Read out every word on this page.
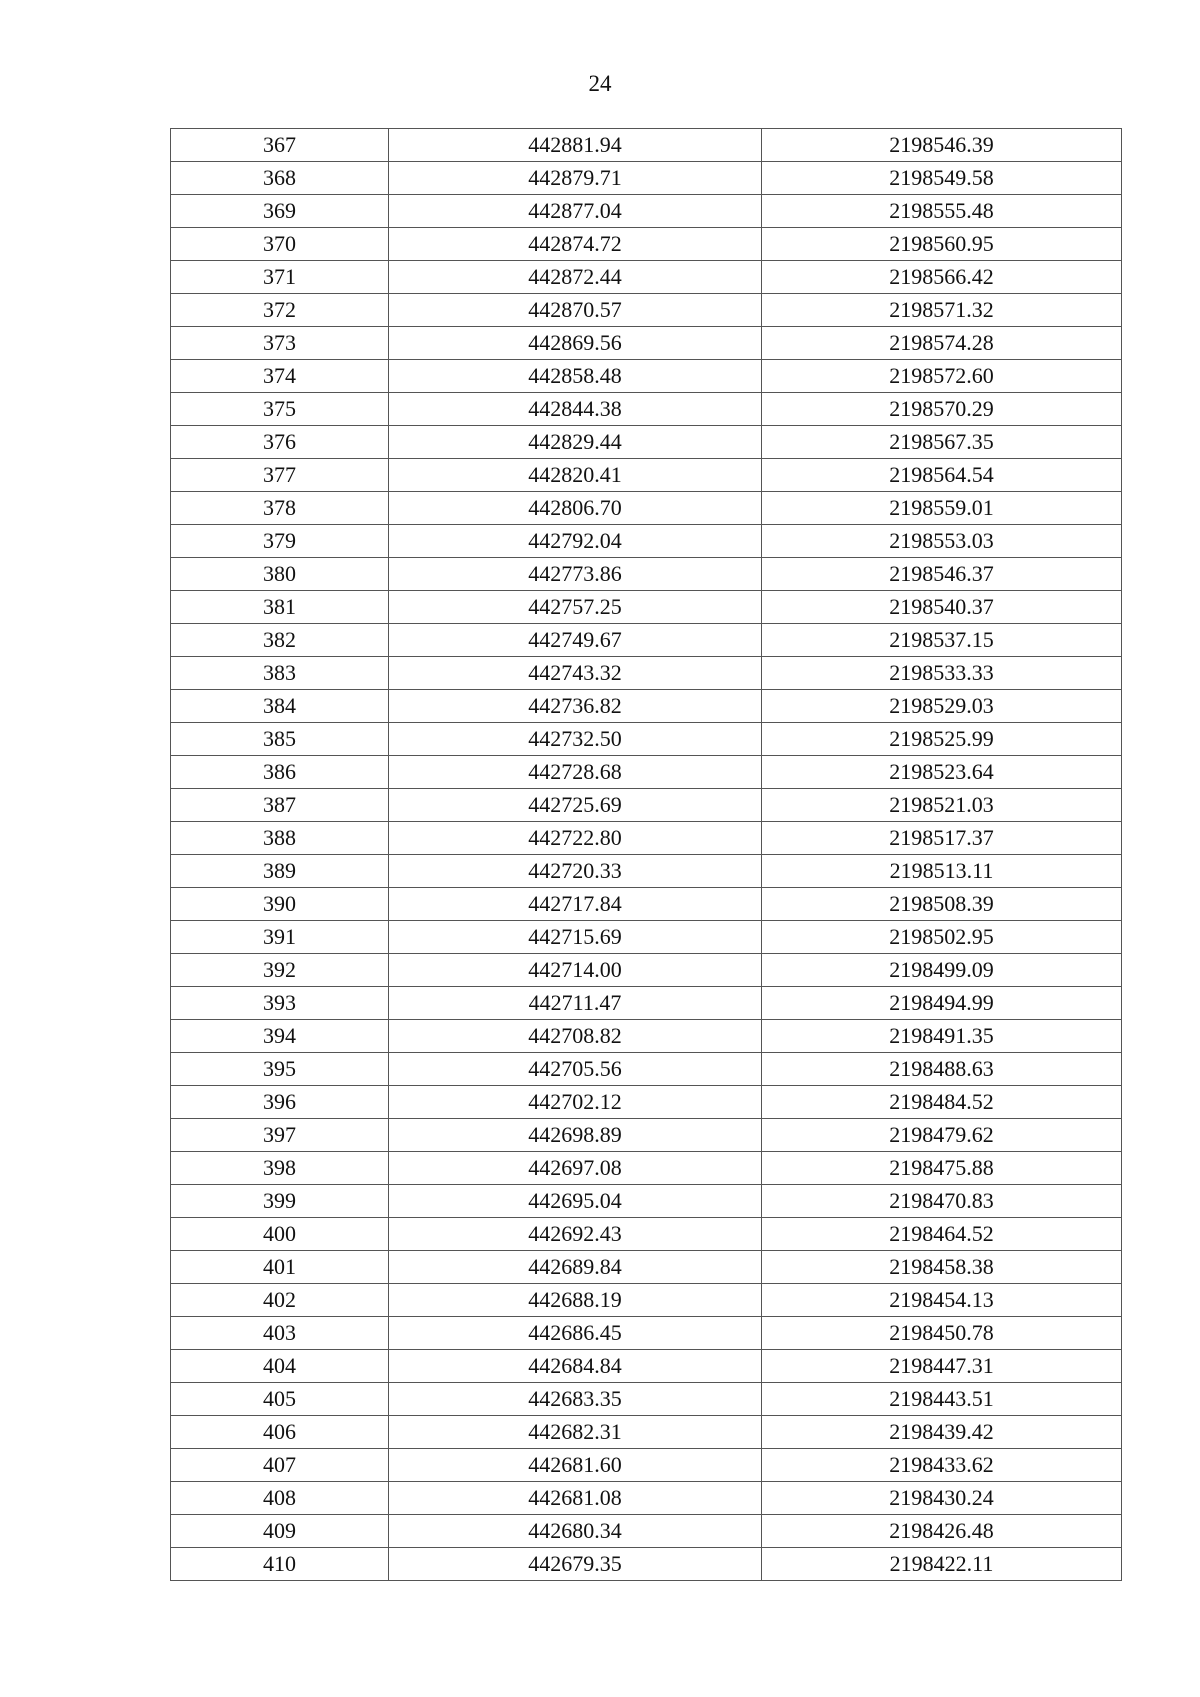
24
367	442881.94	2198546.39
368	442879.71	2198549.58
369	442877.04	2198555.48
370	442874.72	2198560.95
371	442872.44	2198566.42
372	442870.57	2198571.32
373	442869.56	2198574.28
374	442858.48	2198572.60
375	442844.38	2198570.29
376	442829.44	2198567.35
377	442820.41	2198564.54
378	442806.70	2198559.01
379	442792.04	2198553.03
380	442773.86	2198546.37
381	442757.25	2198540.37
382	442749.67	2198537.15
383	442743.32	2198533.33
384	442736.82	2198529.03
385	442732.50	2198525.99
386	442728.68	2198523.64
387	442725.69	2198521.03
388	442722.80	2198517.37
389	442720.33	2198513.11
390	442717.84	2198508.39
391	442715.69	2198502.95
392	442714.00	2198499.09
393	442711.47	2198494.99
394	442708.82	2198491.35
395	442705.56	2198488.63
396	442702.12	2198484.52
397	442698.89	2198479.62
398	442697.08	2198475.88
399	442695.04	2198470.83
400	442692.43	2198464.52
401	442689.84	2198458.38
402	442688.19	2198454.13
403	442686.45	2198450.78
404	442684.84	2198447.31
405	442683.35	2198443.51
406	442682.31	2198439.42
407	442681.60	2198433.62
408	442681.08	2198430.24
409	442680.34	2198426.48
410	442679.35	2198422.11
